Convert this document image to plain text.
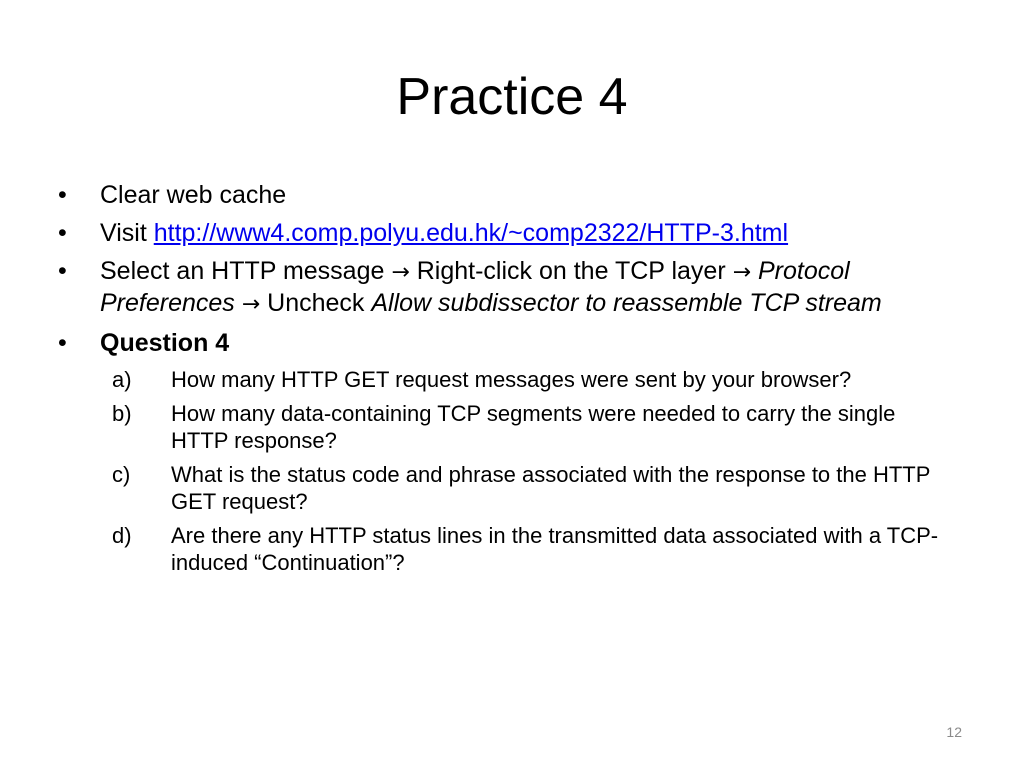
Practice 4
•	Clear web cache
•	Visit http://www4.comp.polyu.edu.hk/~comp2322/HTTP-3.html
•	Select an HTTP message → Right-click on the TCP layer → Protocol Preferences → Uncheck Allow subdissector to reassemble TCP stream
•	Question 4
a) How many HTTP GET request messages were sent by your browser?
b) How many data-containing TCP segments were needed to carry the single HTTP response?
c) What is the status code and phrase associated with the response to the HTTP GET request?
d) Are there any HTTP status lines in the transmitted data associated with a TCP-induced “Continuation”?
12
